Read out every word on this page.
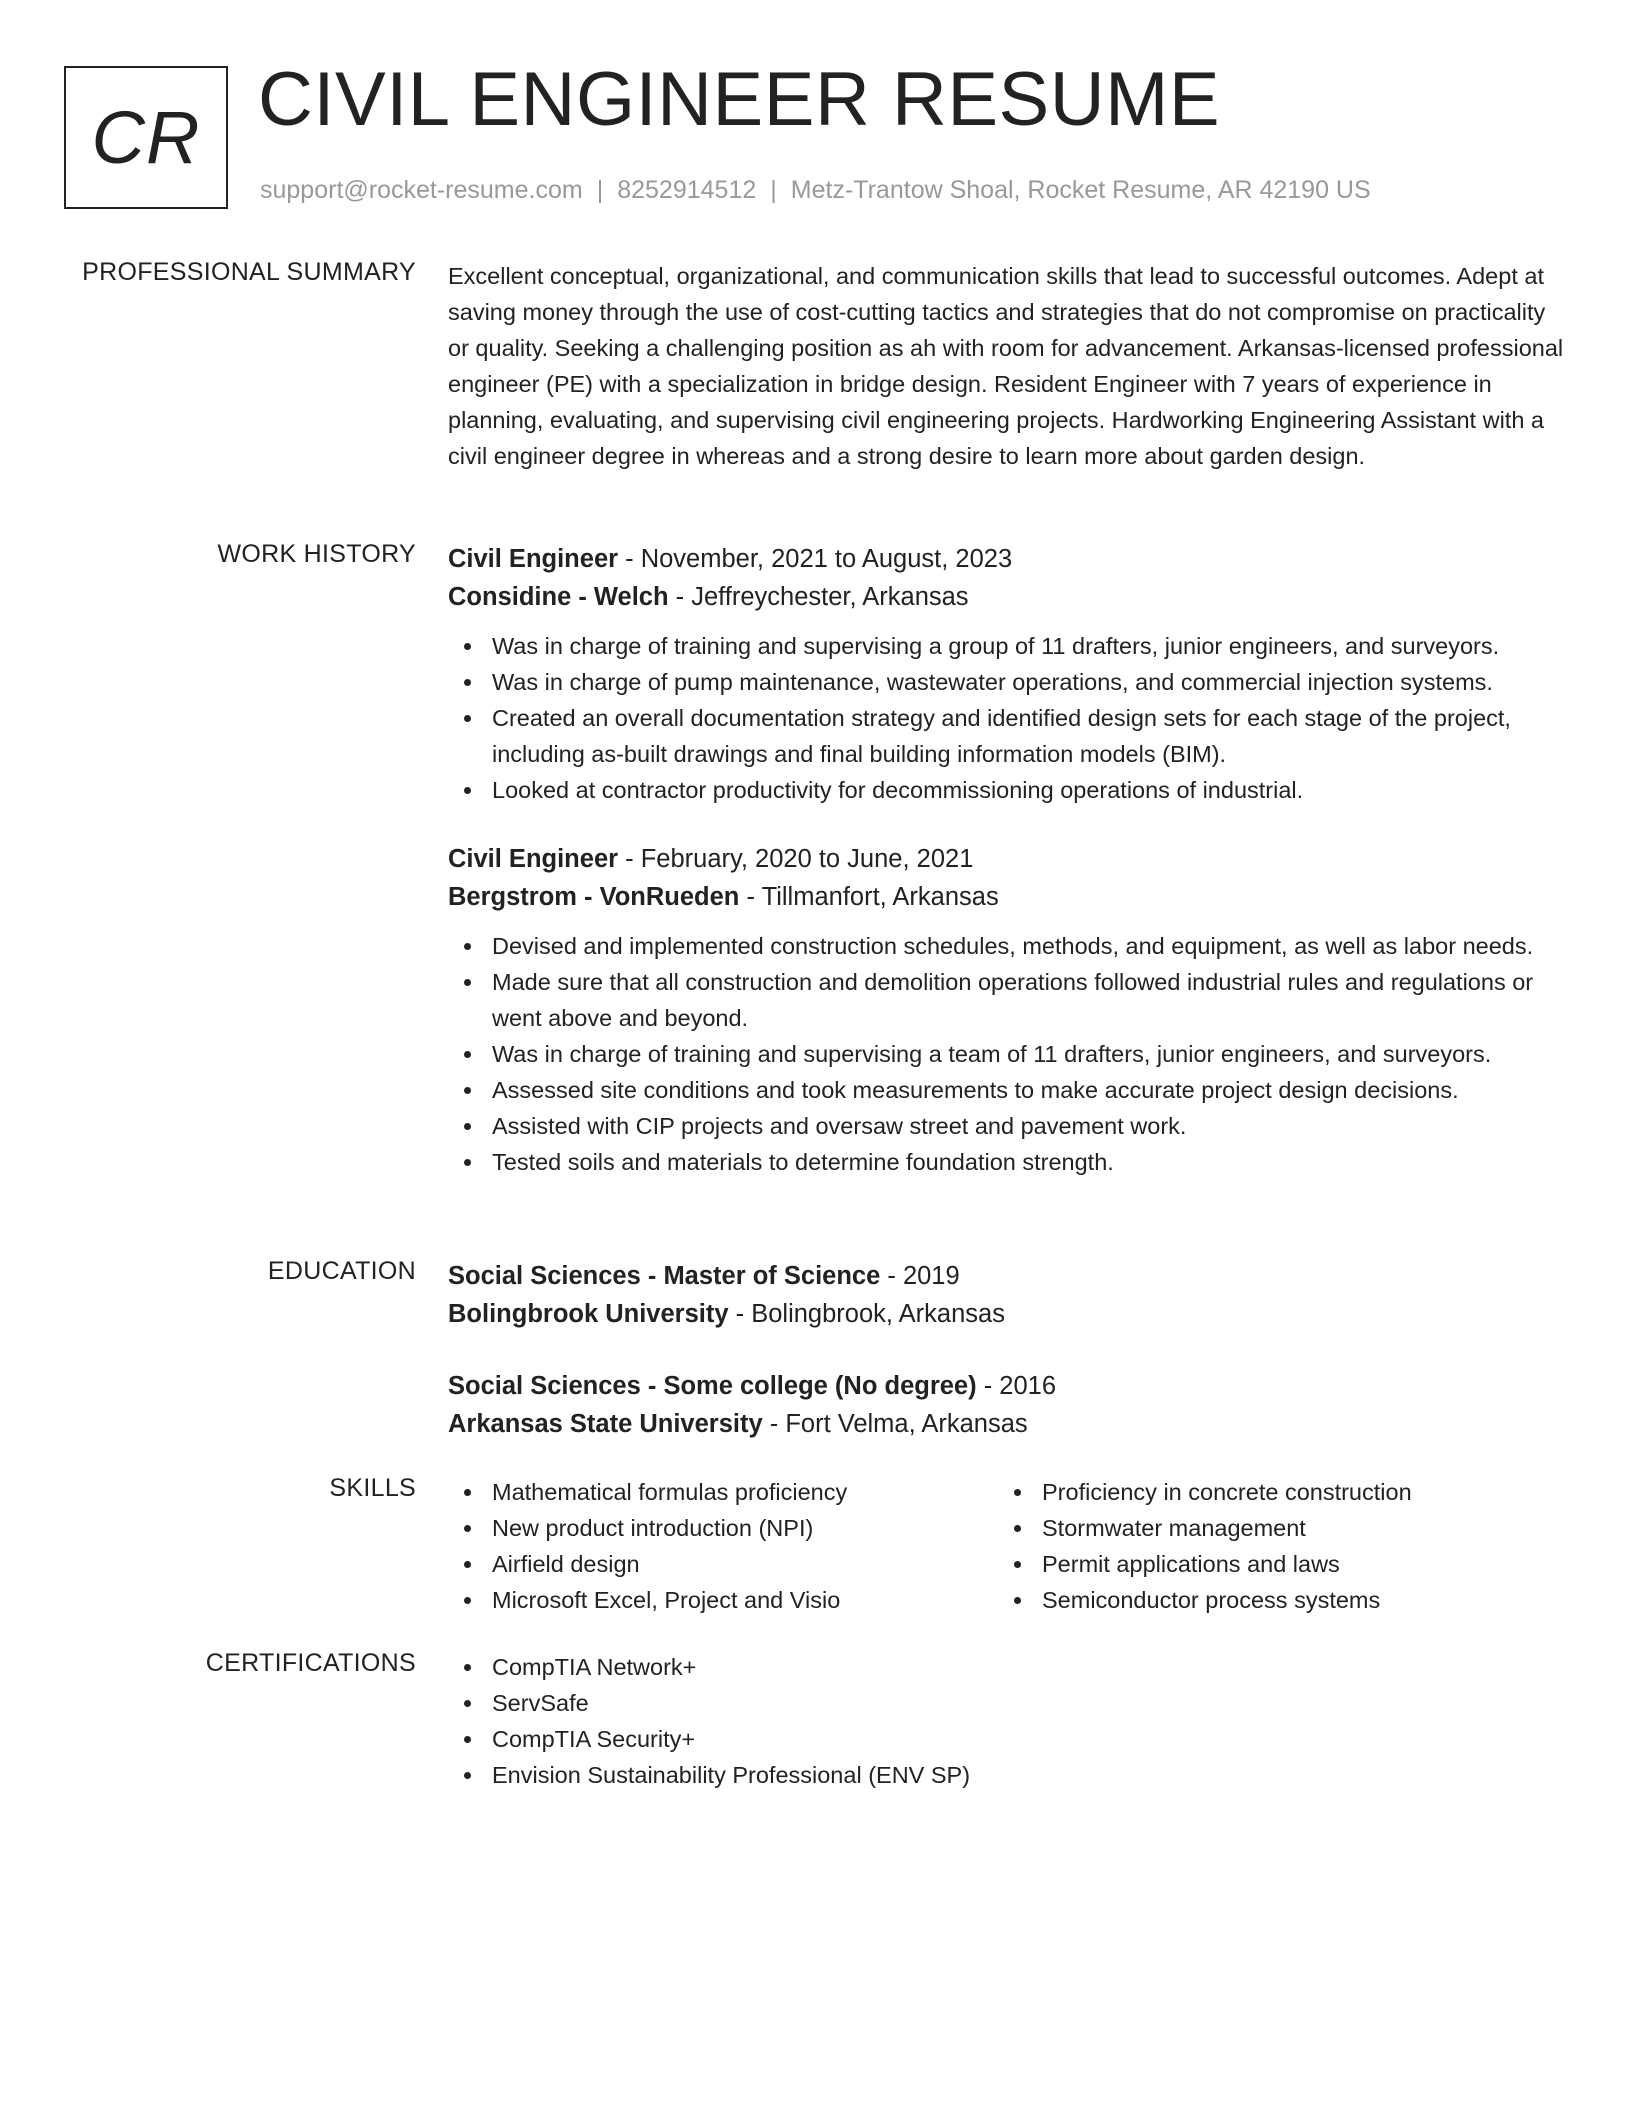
CR CIVIL ENGINEER RESUME
support@rocket-resume.com | 8252914512 | Metz-Trantow Shoal, Rocket Resume, AR 42190 US
PROFESSIONAL SUMMARY Excellent conceptual, organizational, and communication skills that lead to successful outcomes. Adept at saving money through the use of cost-cutting tactics and strategies that do not compromise on practicality or quality. Seeking a challenging position as ah with room for advancement. Arkansas-licensed professional engineer (PE) with a specialization in bridge design. Resident Engineer with 7 years of experience in planning, evaluating, and supervising civil engineering projects. Hardworking Engineering Assistant with a civil engineer degree in whereas and a strong desire to learn more about garden design.
WORK HISTORY Civil Engineer - November, 2021 to August, 2023
Considine - Welch - Jeffreychester, Arkansas
Was in charge of training and supervising a group of 11 drafters, junior engineers, and surveyors.
Was in charge of pump maintenance, wastewater operations, and commercial injection systems.
Created an overall documentation strategy and identified design sets for each stage of the project, including as-built drawings and final building information models (BIM).
Looked at contractor productivity for decommissioning operations of industrial.
Civil Engineer - February, 2020 to June, 2021
Bergstrom - VonRueden - Tillmanfort, Arkansas
Devised and implemented construction schedules, methods, and equipment, as well as labor needs.
Made sure that all construction and demolition operations followed industrial rules and regulations or went above and beyond.
Was in charge of training and supervising a team of 11 drafters, junior engineers, and surveyors.
Assessed site conditions and took measurements to make accurate project design decisions.
Assisted with CIP projects and oversaw street and pavement work.
Tested soils and materials to determine foundation strength.
EDUCATION Social Sciences - Master of Science - 2019
Bolingbrook University - Bolingbrook, Arkansas
Social Sciences - Some college (No degree) - 2016
Arkansas State University - Fort Velma, Arkansas
SKILLS	Mathematical formulas proficiency
New product introduction (NPI)
Airfield design
Microsoft Excel, Project and Visio
Proficiency in concrete construction
Stormwater management
Permit applications and laws
Semiconductor process systems
CERTIFICATIONS	CompTIA Network+
ServSafe
CompTIA Security+
Envision Sustainability Professional (ENV SP)
